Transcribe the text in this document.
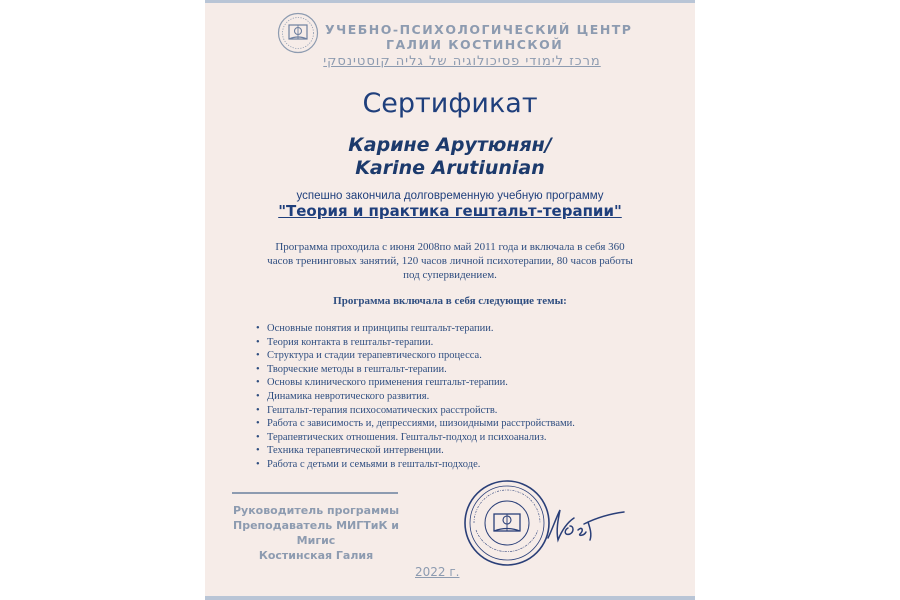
УЧЕБНО-ПСИХОЛОГИЧЕСКИЙ ЦЕНТР
ГАЛИИ КОСТИНСКОЙ
מרכז לימודי פסיכולוגיה של גליה קוסטינסקי
Сертификат
Карине Арутюнян/
Karine Arutiunian
успешно закончила долговременную учебную программу
"Теория и практика гештальт-терапии"
Программа проходила с июня 2008по май 2011 года и включала в себя 360 часов тренинговых занятий, 120 часов личной психотерапии, 80 часов работы под супервидением.
Программа включала в себя следующие темы:
• Основные понятия и принципы гештальт-терапии.
• Теория контакта в гештальт-терапии.
• Структура и стадии терапевтического процесса.
• Творческие методы в гештальт-терапии.
• Основы клинического применения гештальт-терапии.
• Динамика невротического развития.
• Гештальт-терапия психосоматических расстройств.
• Работа с зависимость и, депрессиями, шизоидными расстройствами.
• Терапевтических отношения. Гештальт-подход и психоанализ.
• Техника терапевтической интервенции.
• Работа с детьми и семьями в гештальт-подходе.
Руководитель программы
Преподаватель МИГТиК и
Мигис
Костинская Галия
2022 г.
